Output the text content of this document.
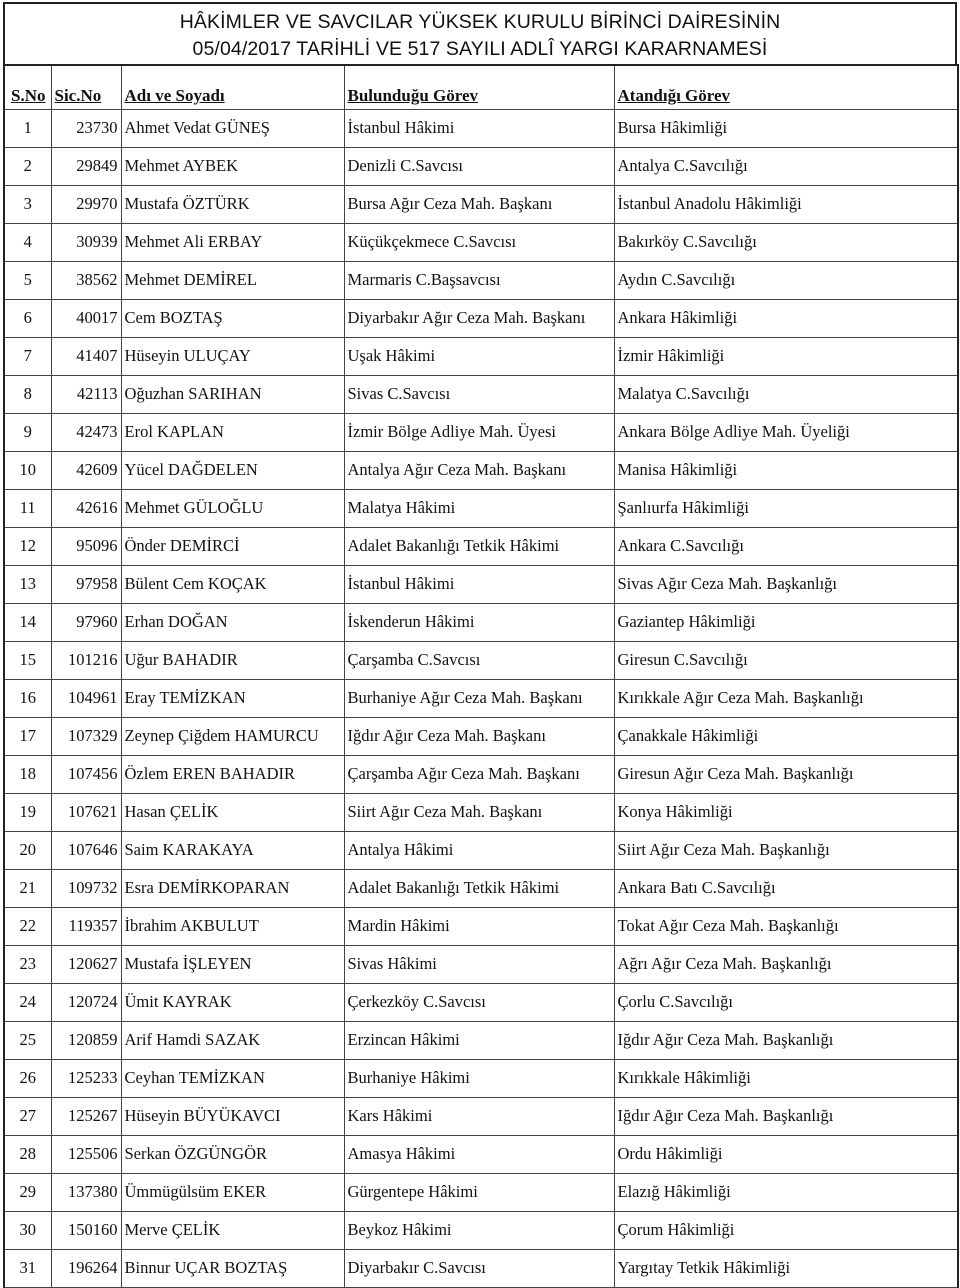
HÂKİMLER VE SAVCILAR YÜKSEK KURULU BİRİNCİ DAİRESİNİN
05/04/2017 TARİHLİ VE 517 SAYILI ADLÎ YARGI KARARNAMESİ
S.No	Sic.No	Adı ve Soyadı	Bulunduğu Görev	Atandığı Görev
1	23730	Ahmet Vedat GÜNEŞ	İstanbul Hâkimi	Bursa Hâkimliği
2	29849	Mehmet AYBEK	Denizli C.Savcısı	Antalya C.Savcılığı
3	29970	Mustafa ÖZTÜRK	Bursa Ağır Ceza Mah. Başkanı	İstanbul Anadolu Hâkimliği
4	30939	Mehmet Ali ERBAY	Küçükçekmece C.Savcısı	Bakırköy C.Savcılığı
5	38562	Mehmet DEMİREL	Marmaris C.Başsavcısı	Aydın C.Savcılığı
6	40017	Cem BOZTAŞ	Diyarbakır Ağır Ceza Mah. Başkanı	Ankara Hâkimliği
7	41407	Hüseyin ULUÇAY	Uşak Hâkimi	İzmir Hâkimliği
8	42113	Oğuzhan SARIHAN	Sivas C.Savcısı	Malatya C.Savcılığı
9	42473	Erol KAPLAN	İzmir Bölge Adliye Mah. Üyesi	Ankara Bölge Adliye Mah. Üyeliği
10	42609	Yücel DAĞDELEN	Antalya Ağır Ceza Mah. Başkanı	Manisa Hâkimliği
11	42616	Mehmet GÜLOĞLU	Malatya Hâkimi	Şanlıurfa Hâkimliği
12	95096	Önder DEMİRCİ	Adalet Bakanlığı Tetkik Hâkimi	Ankara C.Savcılığı
13	97958	Bülent Cem KOÇAK	İstanbul Hâkimi	Sivas Ağır Ceza Mah. Başkanlığı
14	97960	Erhan DOĞAN	İskenderun Hâkimi	Gaziantep Hâkimliği
15	101216	Uğur BAHADIR	Çarşamba C.Savcısı	Giresun C.Savcılığı
16	104961	Eray TEMİZKAN	Burhaniye Ağır Ceza Mah. Başkanı	Kırıkkale Ağır Ceza Mah. Başkanlığı
17	107329	Zeynep Çiğdem HAMURCU	Iğdır Ağır Ceza Mah. Başkanı	Çanakkale Hâkimliği
18	107456	Özlem EREN BAHADIR	Çarşamba Ağır Ceza Mah. Başkanı	Giresun Ağır Ceza Mah. Başkanlığı
19	107621	Hasan ÇELİK	Siirt Ağır Ceza Mah. Başkanı	Konya Hâkimliği
20	107646	Saim KARAKAYA	Antalya Hâkimi	Siirt Ağır Ceza Mah. Başkanlığı
21	109732	Esra DEMİRKOPARAN	Adalet Bakanlığı Tetkik Hâkimi	Ankara Batı C.Savcılığı
22	119357	İbrahim AKBULUT	Mardin Hâkimi	Tokat Ağır Ceza Mah. Başkanlığı
23	120627	Mustafa İŞLEYEN	Sivas Hâkimi	Ağrı Ağır Ceza Mah. Başkanlığı
24	120724	Ümit KAYRAK	Çerkezköy C.Savcısı	Çorlu C.Savcılığı
25	120859	Arif Hamdi SAZAK	Erzincan Hâkimi	Iğdır Ağır Ceza Mah. Başkanlığı
26	125233	Ceyhan TEMİZKAN	Burhaniye Hâkimi	Kırıkkale Hâkimliği
27	125267	Hüseyin BÜYÜKAVCI	Kars Hâkimi	Iğdır Ağır Ceza Mah. Başkanlığı
28	125506	Serkan ÖZGÜNGÖR	Amasya Hâkimi	Ordu Hâkimliği
29	137380	Ümmügülsüm EKER	Gürgentepe Hâkimi	Elazığ Hâkimliği
30	150160	Merve ÇELİK	Beykoz Hâkimi	Çorum Hâkimliği
31	196264	Binnur UÇAR BOZTAŞ	Diyarbakır C.Savcısı	Yargıtay Tetkik Hâkimliği
